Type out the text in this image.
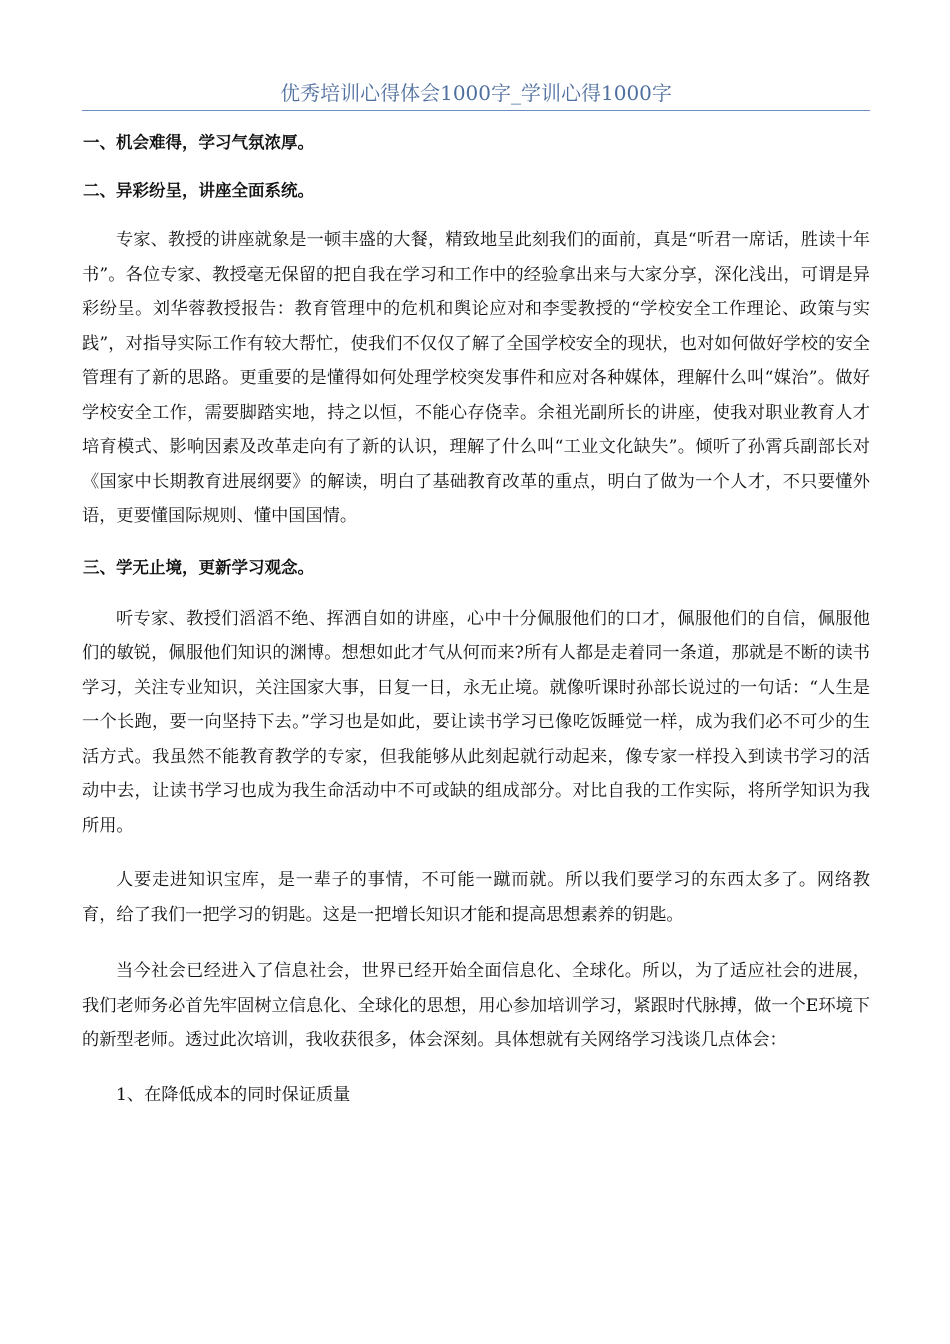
优秀培训心得体会1000字_学训心得1000字

一、机会难得，学习气氛浓厚。

二、异彩纷呈，讲座全面系统。

专家、教授的讲座就象是一顿丰盛的大餐，精致地呈此刻我们的面前，真是“听君一席话，胜读十年书”。各位专家、教授毫无保留的把自我在学习和工作中的经验拿出来与大家分享，深化浅出，可谓是异彩纷呈。刘华蓉教授报告：教育管理中的危机和舆论应对和李雯教授的“学校安全工作理论、政策与实践”，对指导实际工作有较大帮忙，使我们不仅仅了解了全国学校安全的现状，也对如何做好学校的安全管理有了新的思路。更重要的是懂得如何处理学校突发事件和应对各种媒体，理解什么叫“媒治”。做好学校安全工作，需要脚踏实地，持之以恒，不能心存侥幸。余祖光副所长的讲座，使我对职业教育人才培育模式、影响因素及改革走向有了新的认识，理解了什么叫“工业文化缺失”。倾听了孙霄兵副部长对《国家中长期教育进展纲要》的解读，明白了基础教育改革的重点，明白了做为一个人才，不只要懂外语，更要懂国际规则、懂中国国情。

三、学无止境，更新学习观念。

听专家、教授们滔滔不绝、挥洒自如的讲座，心中十分佩服他们的口才，佩服他们的自信，佩服他们的敏锐，佩服他们知识的渊博。想想如此才气从何而来?所有人都是走着同一条道，那就是不断的读书学习，关注专业知识，关注国家大事，日复一日，永无止境。就像听课时孙部长说过的一句话：“人生是一个长跑，要一向坚持下去。”学习也是如此，要让读书学习已像吃饭睡觉一样，成为我们必不可少的生活方式。我虽然不能教育教学的专家，但我能够从此刻起就行动起来，像专家一样投入到读书学习的活动中去，让读书学习也成为我生命活动中不可或缺的组成部分。对比自我的工作实际，将所学知识为我所用。

人要走进知识宝库，是一辈子的事情，不可能一蹴而就。所以我们要学习的东西太多了。网络教育，给了我们一把学习的钥匙。这是一把增长知识才能和提高思想素养的钥匙。

当今社会已经进入了信息社会，世界已经开始全面信息化、全球化。所以，为了适应社会的进展，我们老师务必首先牢固树立信息化、全球化的思想，用心参加培训学习，紧跟时代脉搏，做一个E环境下的新型老师。透过此次培训，我收获很多，体会深刻。具体想就有关网络学习浅谈几点体会：

1、在降低成本的同时保证质量
